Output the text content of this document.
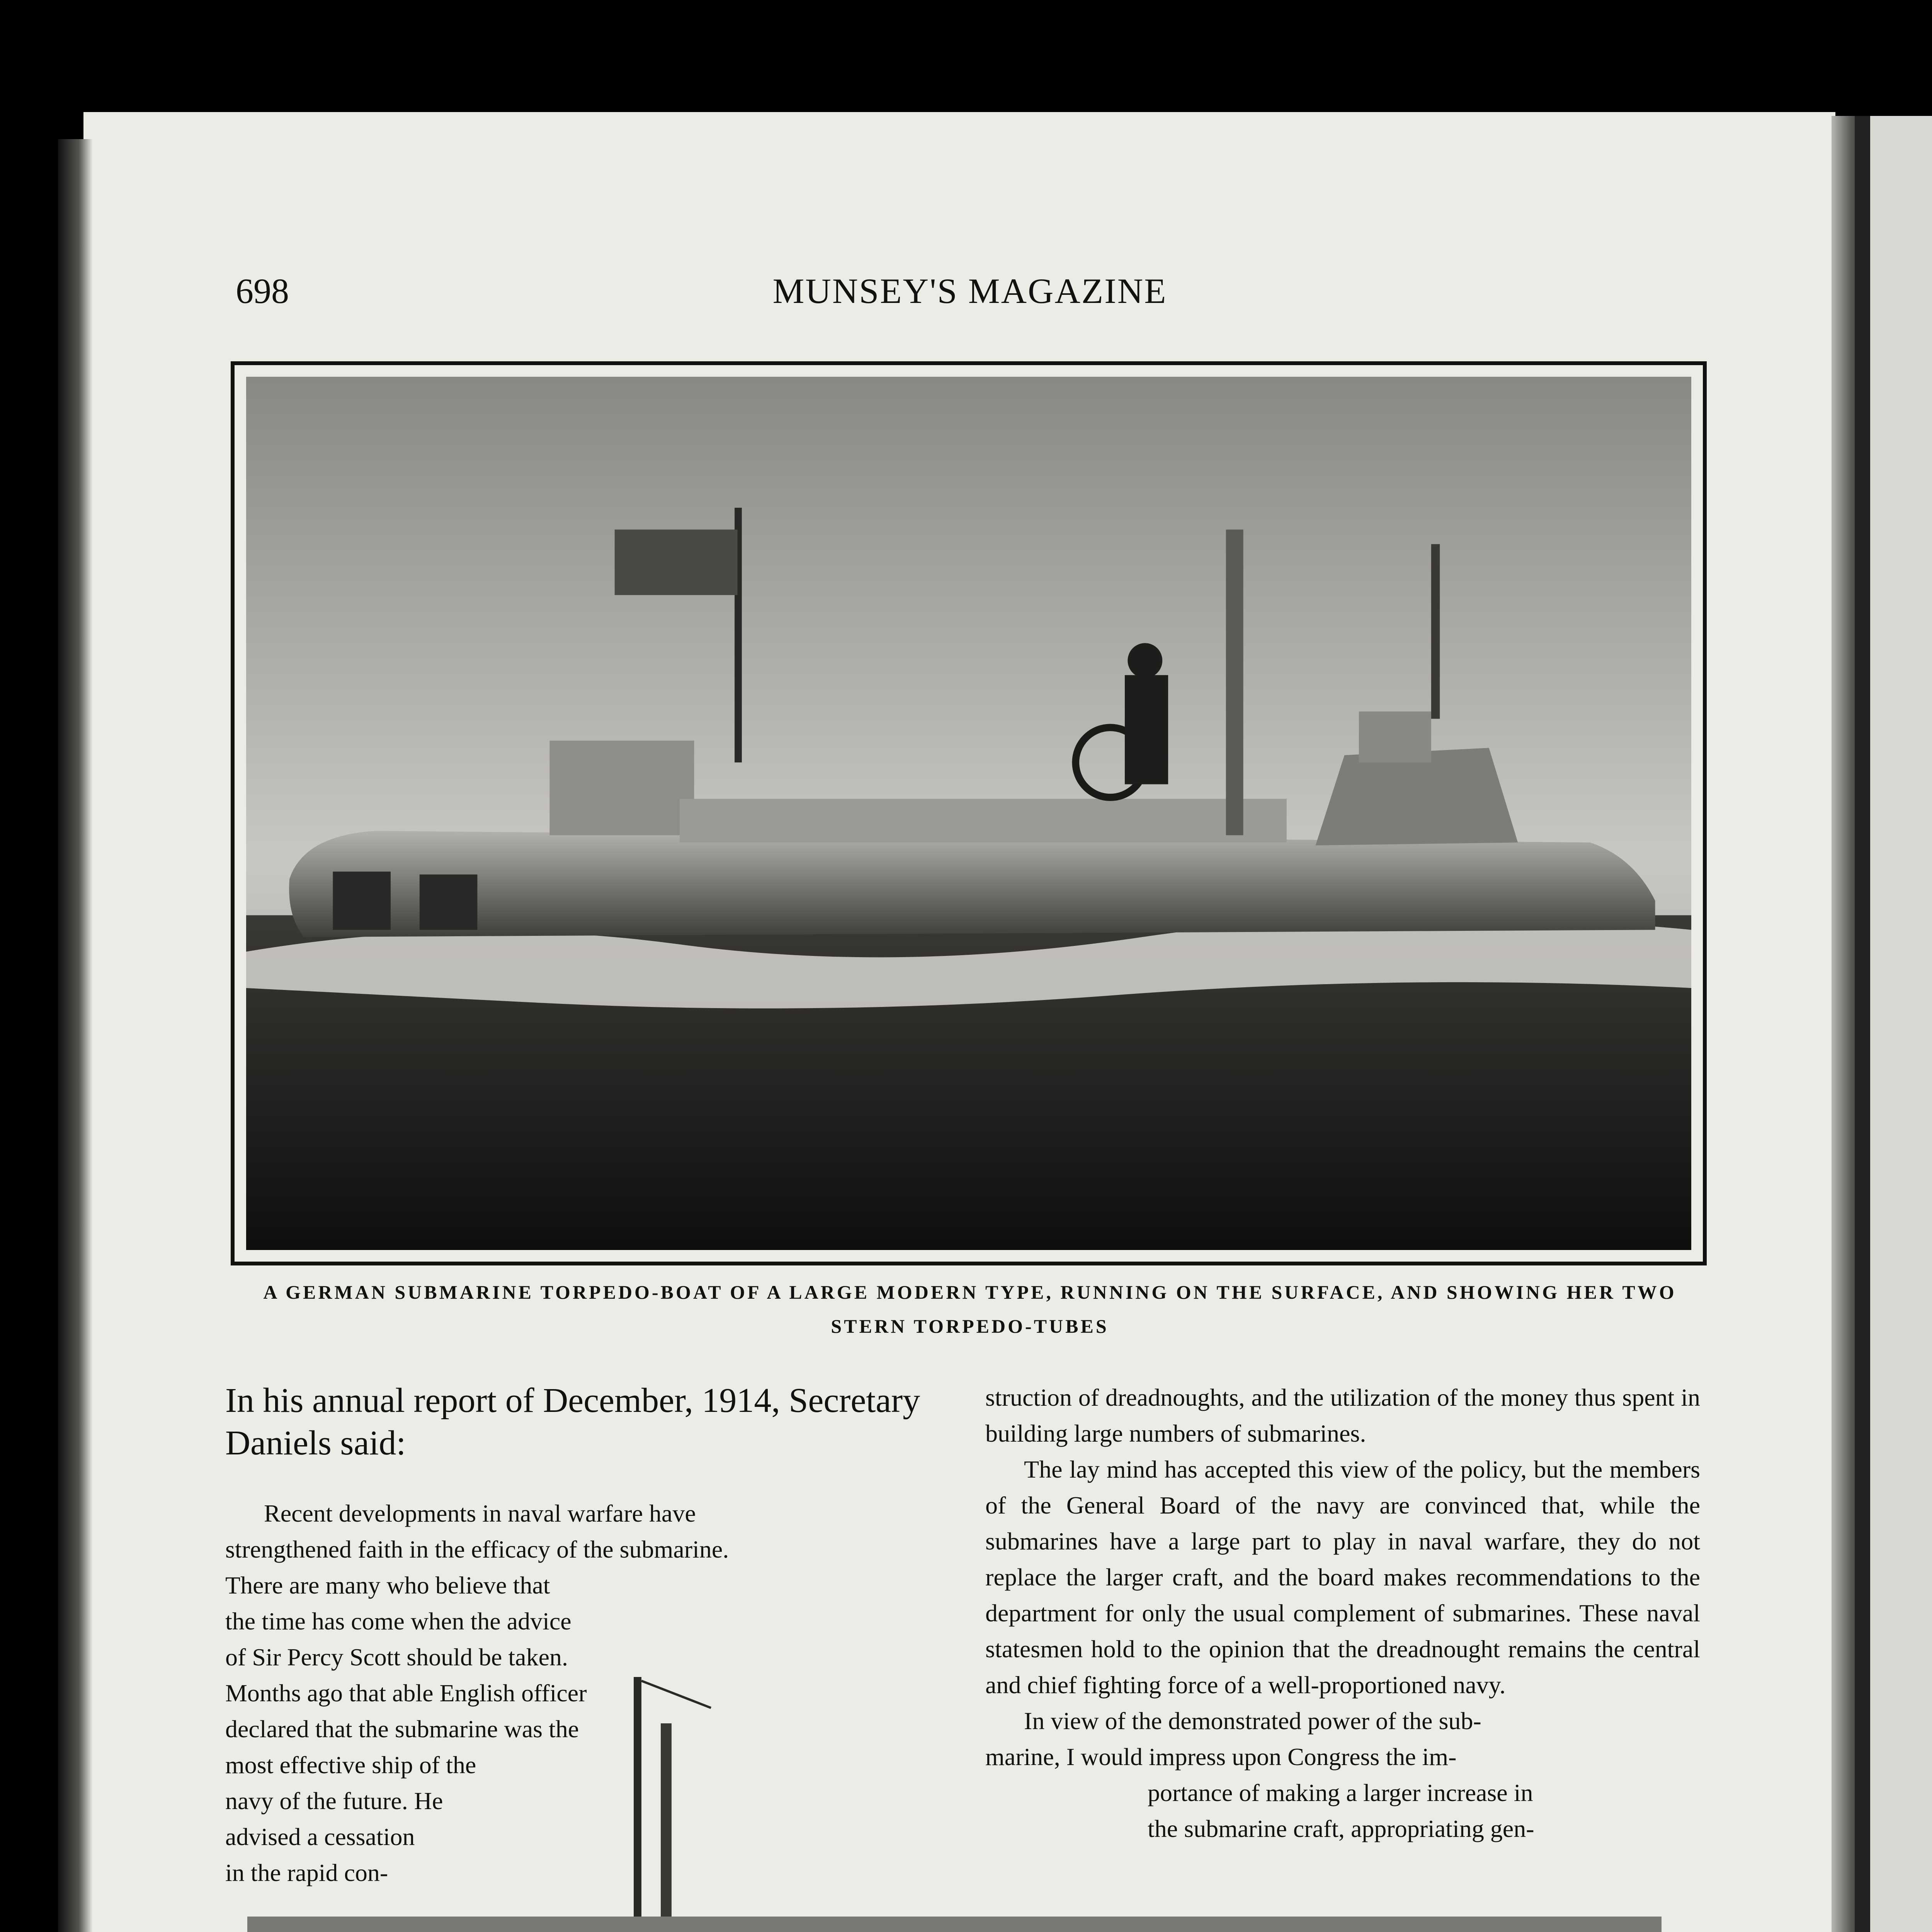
698	MUNSEY'S MAGAZINE
A GERMAN SUBMARINE TORPEDO-BOAT OF A LARGE MODERN TYPE, RUNNING ON THE SURFACE, AND SHOWING HER TWO STERN TORPEDO-TUBES
In his annual report of December, 1914, Secretary Daniels said:
Recent developments in naval warfare have
strengthened faith in the efficacy of the submarine.
There are many who believe that
the time has come when the advice
of Sir Percy Scott should be taken.
Months ago that able English officer
declared that the submarine was the
most effective ship of the
navy of the future. He
advised a cessation
in the rapid con-

struction of dreadnoughts, and the utilization of the money thus spent in building large numbers of submarines.

The lay mind has accepted this view of the policy, but the members of the General Board of the navy are convinced that, while the submarines have a large part to play in naval warfare, they do not replace the larger craft, and the board makes recommendations to the department for only the usual complement of submarines. These naval statesmen hold to the opinion that the dreadnought remains the central and chief fighting force of a well-proportioned navy.

In view of the demonstrated power of the sub-
marine, I would impress upon Congress the im-
portance of making a larger increase in
the submarine craft, appropriating gen-
